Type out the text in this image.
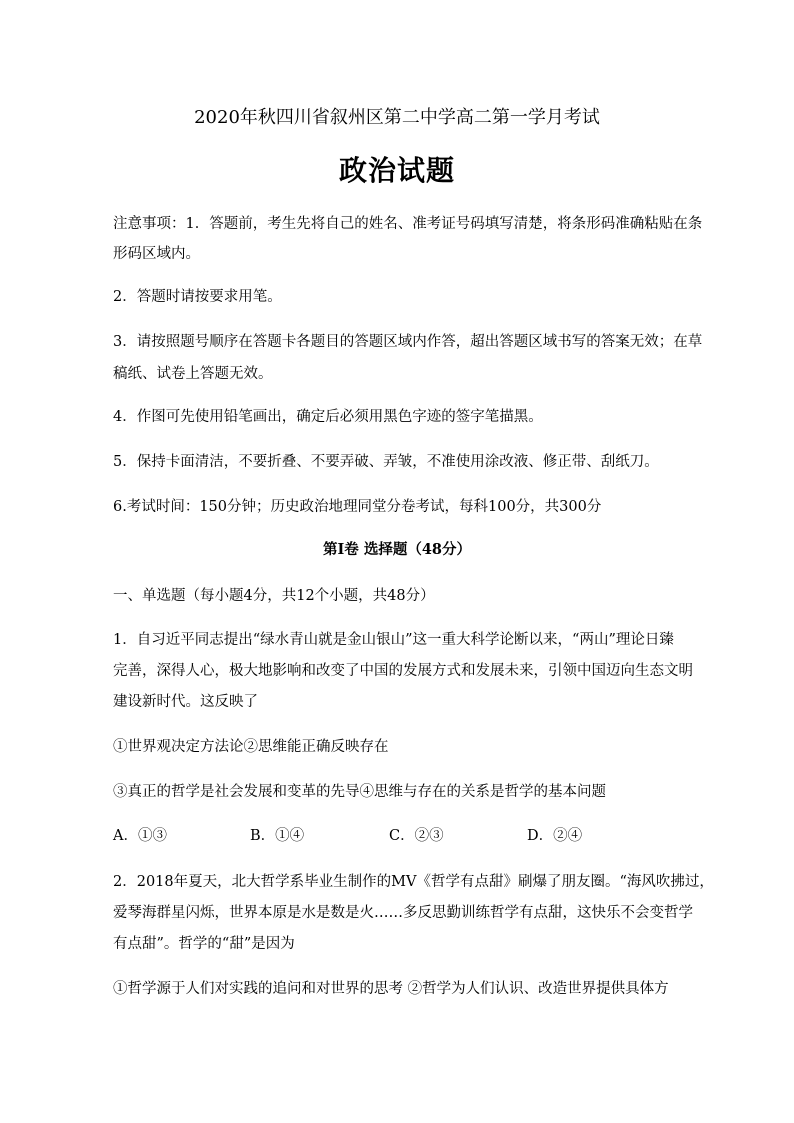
2020年秋四川省叙州区第二中学高二第一学月考试
政治试题
注意事项：1．答题前，考生先将自己的姓名、准考证号码填写清楚，将条形码准确粘贴在条
形码区域内。
2．答题时请按要求用笔。
3．请按照题号顺序在答题卡各题目的答题区域内作答，超出答题区域书写的答案无效；在草
稿纸、试卷上答题无效。
4．作图可先使用铅笔画出，确定后必须用黑色字迹的签字笔描黑。
5．保持卡面清洁，不要折叠、不要弄破、弄皱，不准使用涂改液、修正带、刮纸刀。
6.考试时间：150分钟；历史政治地理同堂分卷考试，每科100分，共300分
第I卷 选择题（48分）
一、单选题（每小题4分，共12个小题，共48分）
1．自习近平同志提出“绿水青山就是金山银山”这一重大科学论断以来，“两山”理论日臻
完善，深得人心，极大地影响和改变了中国的发展方式和发展未来，引领中国迈向生态文明
建设新时代。这反映了
①世界观决定方法论②思维能正确反映存在
③真正的哲学是社会发展和变革的先导④思维与存在的关系是哲学的基本问题
A．①③	B．①④	C．②③	D．②④
2．2018年夏天，北大哲学系毕业生制作的MV《哲学有点甜》刷爆了朋友圈。“海风吹拂过，
爱琴海群星闪烁，世界本原是水是数是火……多反思勤训练哲学有点甜，这快乐不会变哲学
有点甜”。哲学的“甜”是因为
①哲学源于人们对实践的追问和对世界的思考 ②哲学为人们认识、改造世界提供具体方
